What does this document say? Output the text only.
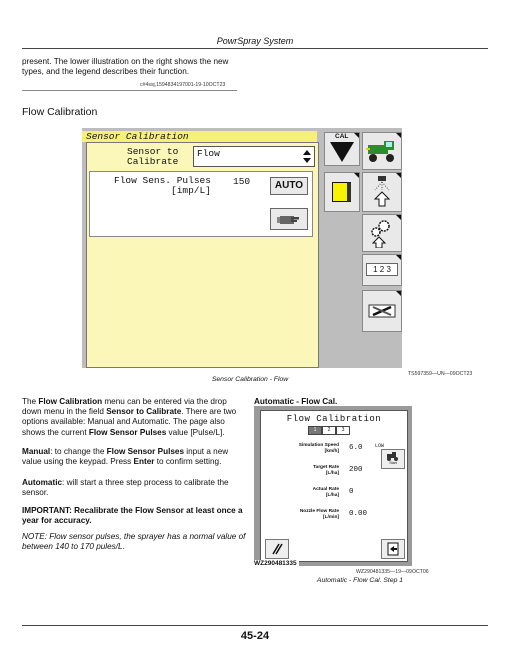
PowrSpray System
present. The lower illustration on the right shows the new types, and the legend describes their function.
c#4ssj,1594834197001-19-10OCT23
Flow Calibration
Sensor Calibration
Sensor to
Calibrate
Flow
Flow Sens. Pulses
[imp/L]
150	AUTO
CAL
1 2 3
TS597359—UN—09OCT23
Sensor Calibration - Flow
The Flow Calibration menu can be entered via the drop down menu in the field Sensor to Calibrate. There are two options available: Manual and Automatic. The page also shows the current Flow Sensor Pulses value [Pulse/L].
Manual: to change the Flow Sensor Pulses input a new value using the keypad. Press Enter to confirm setting.
Automatic: will start a three step process to calibrate the sensor.
IMPORTANT: Recalibrate the Flow Sensor at least once a year for accuracy.
NOTE: Flow sensor pulses, the sprayer has a normal value of between 140 to 170 pules/L.
Automatic - Flow Cal.
Flow Calibration
1	2	3
Simulation Speed
[km/h] 6.0 LOW
Start
Target Rate
[L/ha] 200
Actual Rate
[L/ha] 0
Nozzle Flow Rate
[L/min] 0.00
WZ290481335
WZ290481335—19—09OCT06
Automatic - Flow Cal. Step 1
45-24
